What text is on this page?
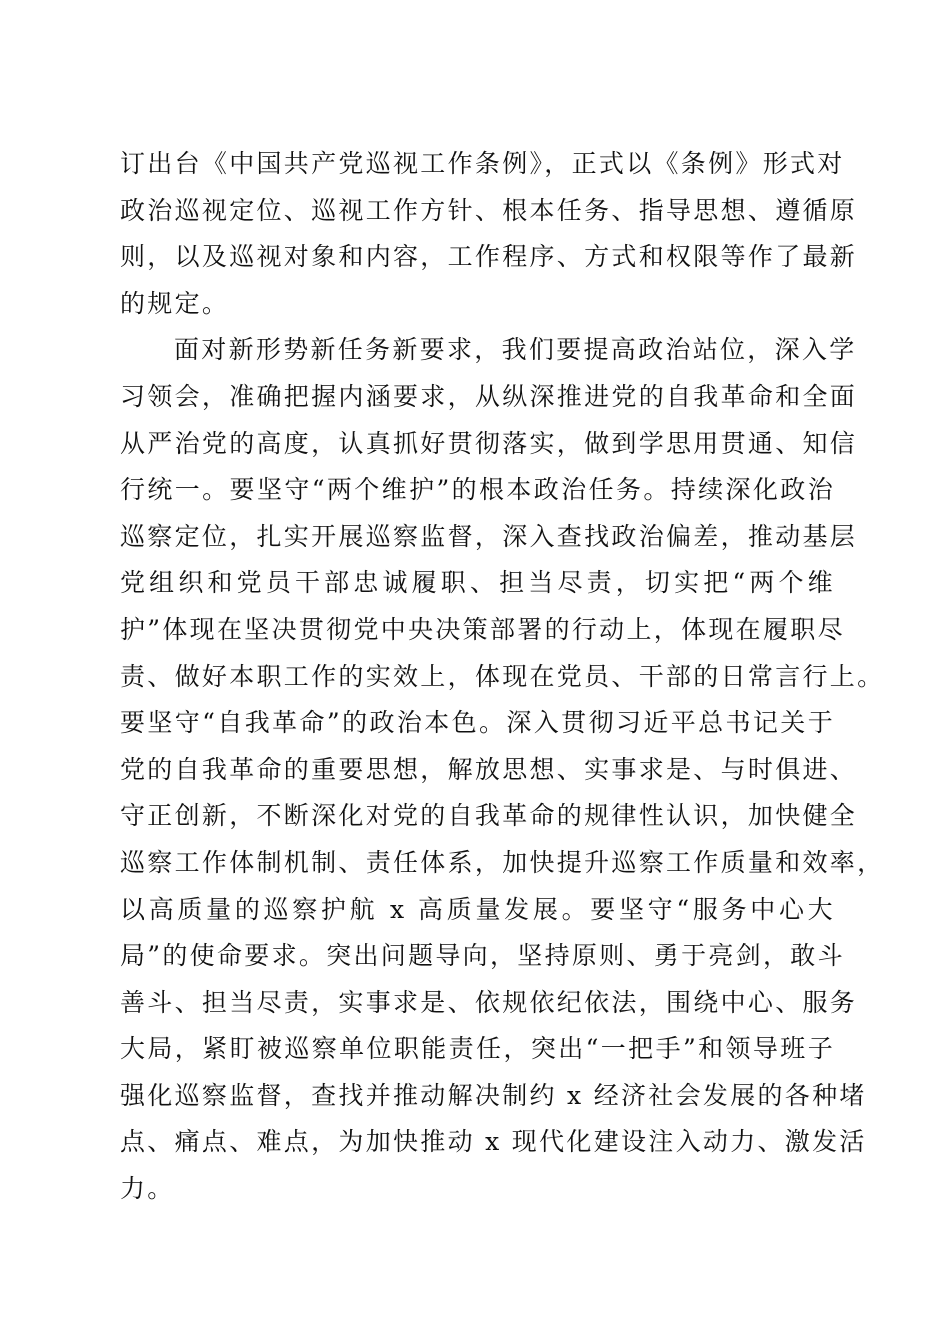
订出台《中国共产党巡视工作条例》，正式以《条例》形式对
政治巡视定位、巡视工作方针、根本任务、指导思想、遵循原
则，以及巡视对象和内容，工作程序、方式和权限等作了最新
的规定。
面对新形势新任务新要求，我们要提高政治站位，深入学
习领会，准确把握内涵要求，从纵深推进党的自我革命和全面
从严治党的高度，认真抓好贯彻落实，做到学思用贯通、知信
行统一。要坚守“两个维护”的根本政治任务。持续深化政治
巡察定位，扎实开展巡察监督，深入查找政治偏差，推动基层
党组织和党员干部忠诚履职、担当尽责，切实把“两个维
护”体现在坚决贯彻党中央决策部署的行动上，体现在履职尽
责、做好本职工作的实效上，体现在党员、干部的日常言行上。
要坚守“自我革命”的政治本色。深入贯彻习近平总书记关于
党的自我革命的重要思想，解放思想、实事求是、与时俱进、
守正创新，不断深化对党的自我革命的规律性认识，加快健全
巡察工作体制机制、责任体系，加快提升巡察工作质量和效率，
以高质量的巡察护航 x 高质量发展。要坚守“服务中心大
局”的使命要求。突出问题导向，坚持原则、勇于亮剑，敢斗
善斗、担当尽责，实事求是、依规依纪依法，围绕中心、服务
大局，紧盯被巡察单位职能责任，突出“一把手”和领导班子
强化巡察监督，查找并推动解决制约 x 经济社会发展的各种堵
点、痛点、难点，为加快推动 x 现代化建设注入动力、激发活
力。
